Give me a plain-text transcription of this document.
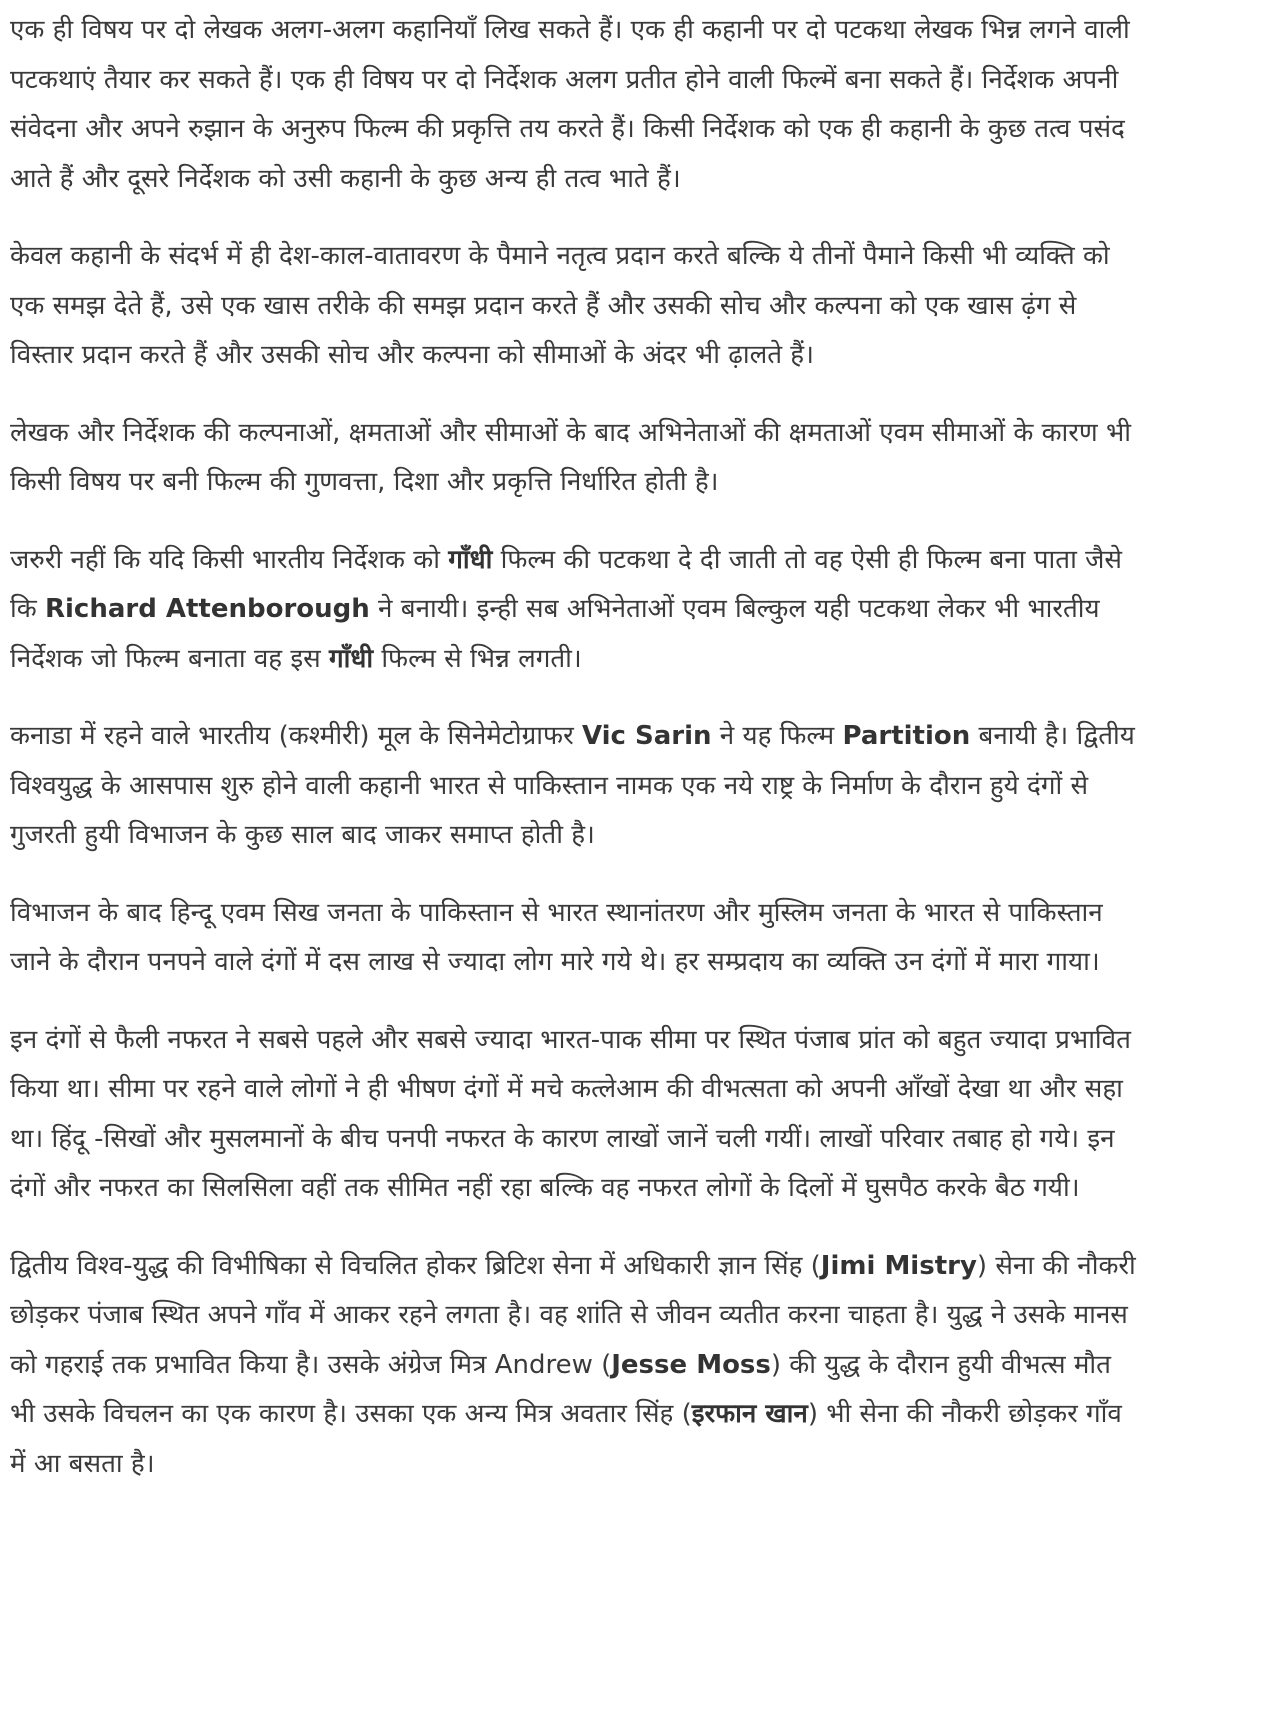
एक ही विषय पर दो लेखक अलग-अलग कहानियाँ लिख सकते हैं। एक ही कहानी पर दो पटकथा लेखक भिन्न लगने वाली पटकथाएं तैयार कर सकते हैं। एक ही विषय पर दो निर्देशक अलग प्रतीत होने वाली फिल्में बना सकते हैं। निर्देशक अपनी संवेदना और अपने रुझान के अनुरुप फिल्म की प्रकृत्ति तय करते हैं। किसी निर्देशक को एक ही कहानी के कुछ तत्व पसंद आते हैं और दूसरे निर्देशक को उसी कहानी के कुछ अन्य ही तत्व भाते हैं।

केवल कहानी के संदर्भ में ही देश-काल-वातावरण के पैमाने नतृत्व प्रदान करते बल्कि ये तीनों पैमाने किसी भी व्यक्ति को एक समझ देते हैं, उसे एक खास तरीके की समझ प्रदान करते हैं और उसकी सोच और कल्पना को एक खास ढ़ंग से विस्तार प्रदान करते हैं और उसकी सोच और कल्पना को सीमाओं के अंदर भी ढ़ालते हैं।

लेखक और निर्देशक की कल्पनाओं, क्षमताओं और सीमाओं के बाद अभिनेताओं की क्षमताओं एवम सीमाओं के कारण भी किसी विषय पर बनी फिल्म की गुणवत्ता, दिशा और प्रकृत्ति निर्धारित होती है।

जरुरी नहीं कि यदि किसी भारतीय निर्देशक को गाँधी फिल्म की पटकथा दे दी जाती तो वह ऐसी ही फिल्म बना पाता जैसे कि Richard Attenborough ने बनायी। इन्ही सब अभिनेताओं एवम बिल्कुल यही पटकथा लेकर भी भारतीय निर्देशक जो फिल्म बनाता वह इस गाँधी फिल्म से भिन्न लगती।

कनाडा में रहने वाले भारतीय (कश्मीरी) मूल के सिनेमेटोग्राफर Vic Sarin ने यह फिल्म Partition बनायी है। द्वितीय विश्वयुद्ध के आसपास शुरु होने वाली कहानी भारत से पाकिस्तान नामक एक नये राष्ट्र के निर्माण के दौरान हुये दंगों से गुजरती हुयी विभाजन के कुछ साल बाद जाकर समाप्त होती है।

विभाजन के बाद हिन्दू एवम सिख जनता के पाकिस्तान से भारत स्थानांतरण और मुस्लिम जनता के भारत से पाकिस्तान जाने के दौरान पनपने वाले दंगों में दस लाख से ज्यादा लोग मारे गये थे। हर सम्प्रदाय का व्यक्ति उन दंगों में मारा गाया।

इन दंगों से फैली नफरत ने सबसे पहले और सबसे ज्यादा भारत-पाक सीमा पर स्थित पंजाब प्रांत को बहुत ज्यादा प्रभावित किया था। सीमा पर रहने वाले लोगों ने ही भीषण दंगों में मचे कत्लेआम की वीभत्सता को अपनी आँखों देखा था और सहा था। हिंदू -सिखों और मुसलमानों के बीच पनपी नफरत के कारण लाखों जानें चली गयीं। लाखों परिवार तबाह हो गये। इन दंगों और नफरत का सिलसिला वहीं तक सीमित नहीं रहा बल्कि वह नफरत लोगों के दिलों में घुसपैठ करके बैठ गयी।

द्वितीय विश्व-युद्ध की विभीषिका से विचलित होकर ब्रिटिश सेना में अधिकारी ज्ञान सिंह (Jimi Mistry) सेना की नौकरी छोड़कर पंजाब स्थित अपने गाँव में आकर रहने लगता है। वह शांति से जीवन व्यतीत करना चाहता है। युद्ध ने उसके मानस को गहराई तक प्रभावित किया है। उसके अंग्रेज मित्र Andrew (Jesse Moss) की युद्ध के दौरान हुयी वीभत्स मौत भी उसके विचलन का एक कारण है। उसका एक अन्य मित्र अवतार सिंह (इरफान खान) भी सेना की नौकरी छोड़कर गाँव में आ बसता है।
